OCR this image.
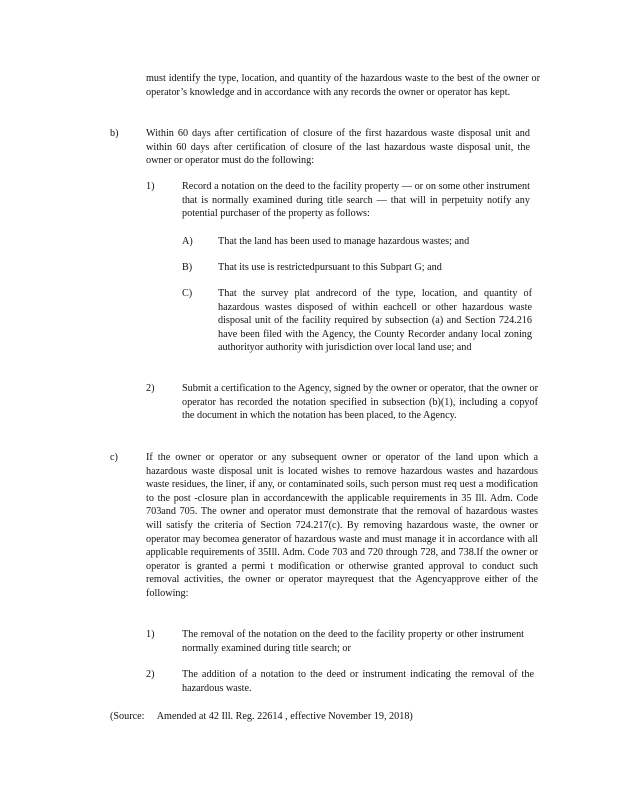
must identify the type, location, and quantity of the hazardous waste to the best of the owner or operator’s knowledge and in accordance with any records the owner or operator has kept.
b)	Within 60 days after certification of closure of the first hazardous waste disposal unit and within 60 days after certification of closure of the last hazardous waste disposal unit, the owner or operator must do the following:
1)	Record a notation on the deed to the facility property — or on some other instrument that is normally examined during title search — that will in perpetuity notify any potential purchaser of the property as follows:
A) That the land has been used to manage hazardous wastes; and
B)	That its use is restrictedpursuant to this Subpart G; and
C)	That the survey plat andrecord of the type, location, and quantity of hazardous wastes disposed of within eachcell or other hazardous waste disposal unit of the facility required by subsection (a) and Section 724.216 have been filed with the Agency, the County Recorder andany local zoning authorityor authority with jurisdiction over local land use; and
2)	Submit a certification to the Agency, signed by the owner or operator, that the owner or operator has recorded the notation specified in subsection (b)(1), including a copyof the document in which the notation has been placed, to the Agency.
c)	If the owner or operator or any subsequent owner or operator of the land upon which a hazardous waste disposal unit is located wishes to remove hazardous wastes and hazardous waste residues, the liner, if any, or contaminated soils, such person must req uest a modification to the post -closure plan in accordancewith the applicable requirements in 35 Ill. Adm. Code 703and 705. The owner and operator must demonstrate that the removal of hazardous wastes will satisfy the criteria of Section 724.217(c). By removing hazardous waste, the owner or operator may becomea generator of hazardous waste and must manage it in accordance with all applicable requirements of 35Ill. Adm. Code 703 and 720 through 728, and 738.If the owner or operator is granted a permi t modification or otherwise granted approval to conduct such removal activities, the owner or operator mayrequest that the Agencyapprove either of the following:
1)	The removal of the notation on the deed to the facility property or other instrument normally examined during title search; or
2)	The addition of a notation to the deed or instrument indicating the removal of the hazardous waste.
(Source: Amended at 42 Ill. Reg. 22614 , effective November 19, 2018)
